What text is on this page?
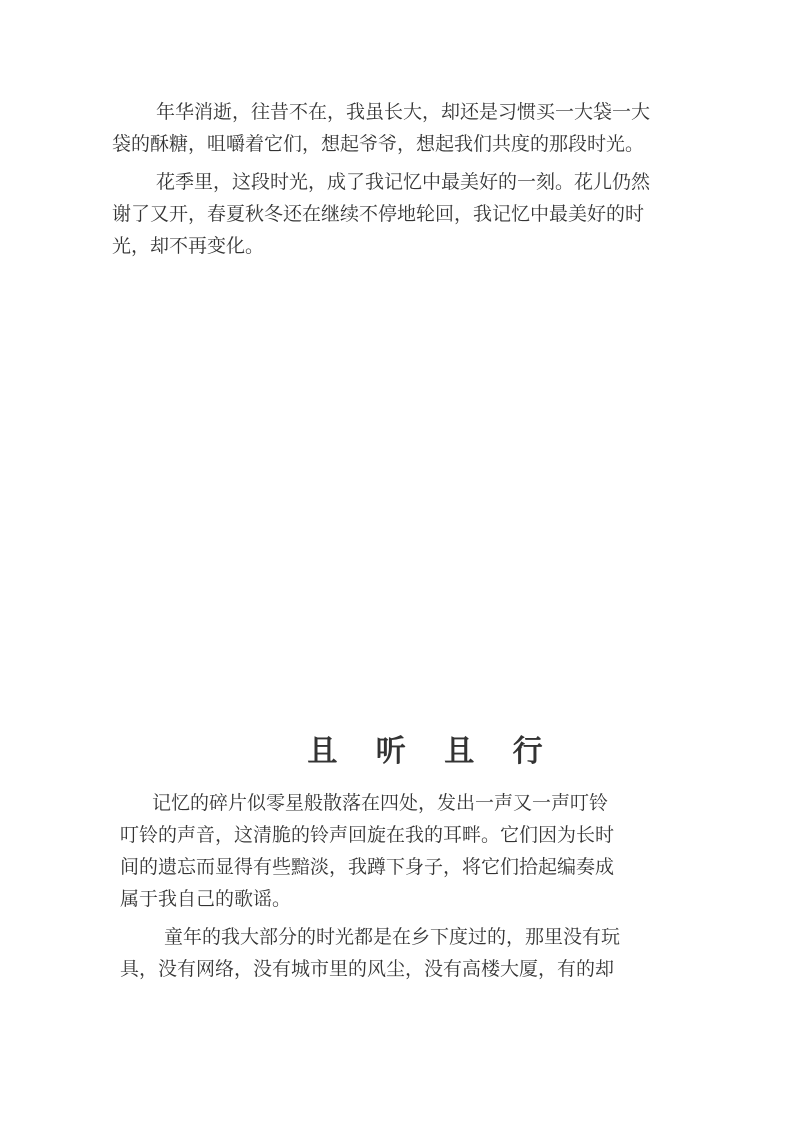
年华消逝，往昔不在，我虽长大，却还是习惯买一大袋一大
袋的酥糖，咀嚼着它们，想起爷爷，想起我们共度的那段时光。
花季里，这段时光，成了我记忆中最美好的一刻。花儿仍然
谢了又开，春夏秋冬还在继续不停地轮回，我记忆中最美好的时
光，却不再变化。
且 听 且 行
记忆的碎片似零星般散落在四处，发出一声又一声叮铃
叮铃的声音，这清脆的铃声回旋在我的耳畔。它们因为长时
间的遗忘而显得有些黯淡，我蹲下身子，将它们拾起编奏成
属于我自己的歌谣。
童年的我大部分的时光都是在乡下度过的，那里没有玩
具，没有网络，没有城市里的风尘，没有高楼大厦，有的却
